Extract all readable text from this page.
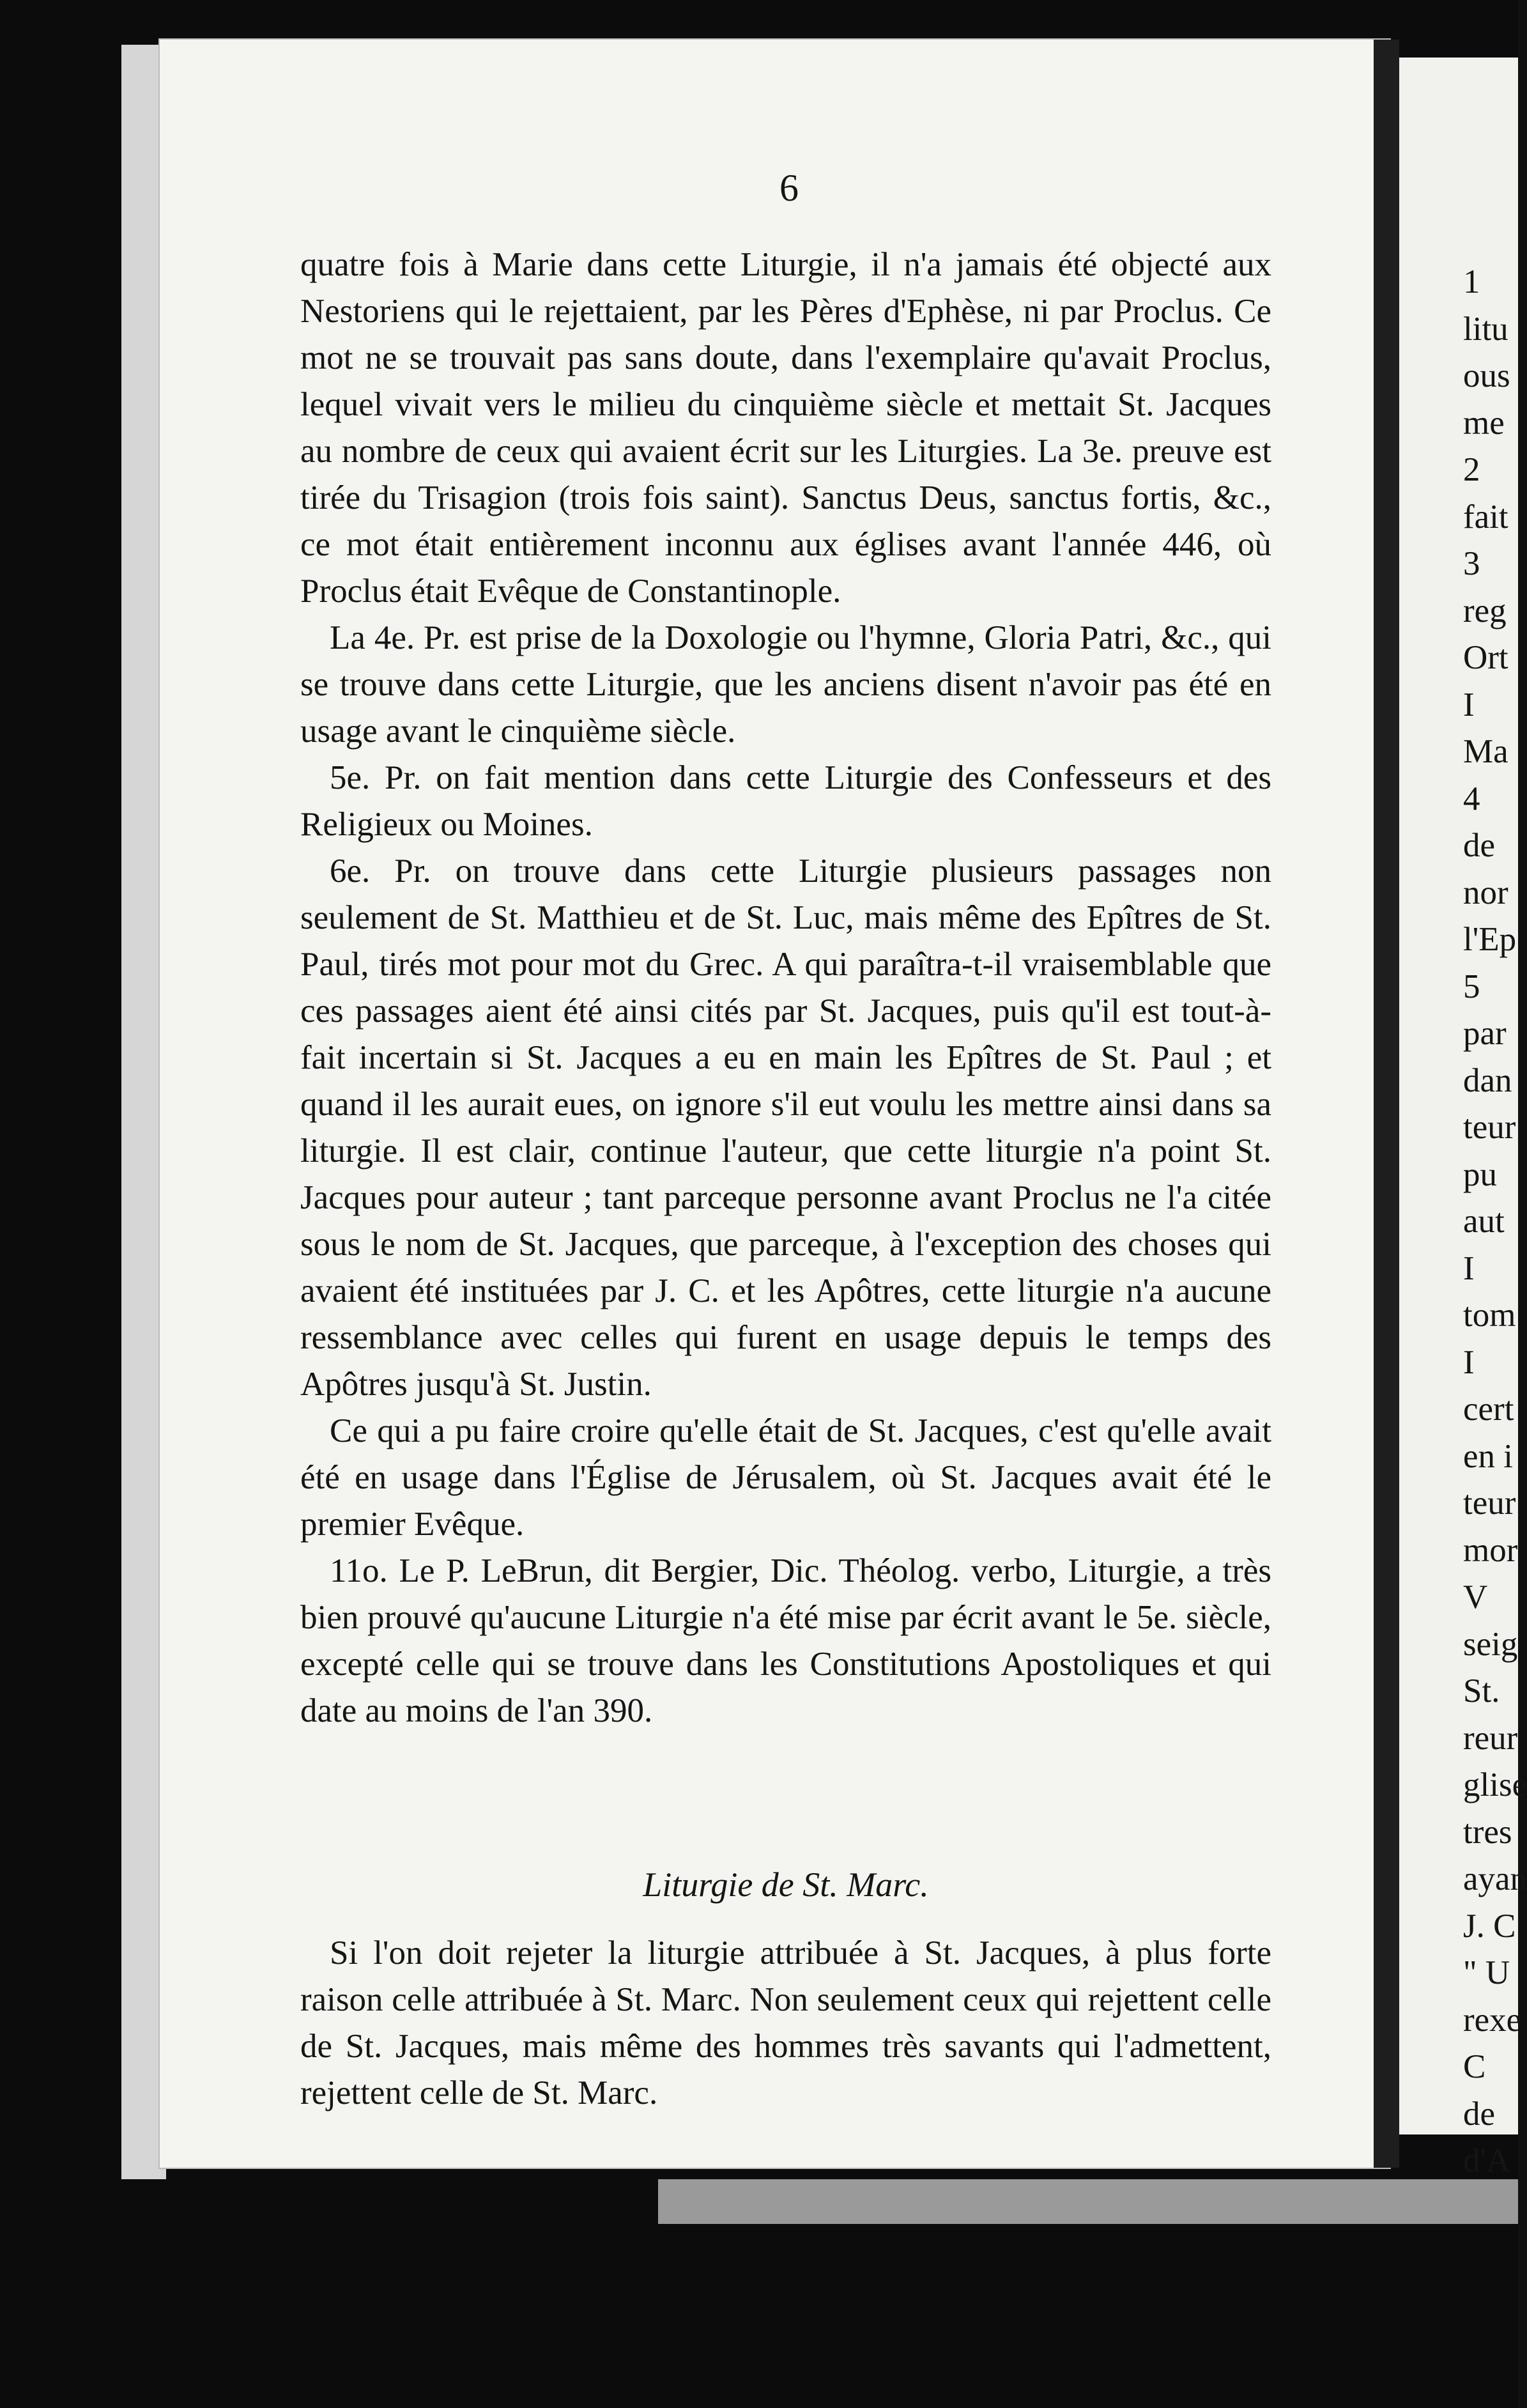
6

quatre fois à Marie dans cette Liturgie, il n'a jamais été objecté aux Nestoriens qui le rejettaient, par les Pères d'Ephèse, ni par Proclus. Ce mot ne se trouvait pas sans doute, dans l'exemplaire qu'avait Proclus, lequel vivait vers le milieu du cinquième siècle et mettait St. Jacques au nombre de ceux qui avaient écrit sur les Liturgies. La 3e. preuve est tirée du Trisagion (trois fois saint). Sanctus Deus, sanctus fortis, &c., ce mot était entièrement inconnu aux églises avant l'année 446, où Proclus était Evêque de Constantinople.

La 4e. Pr. est prise de la Doxologie ou l'hymne, Gloria Patri, &c., qui se trouve dans cette Liturgie, que les anciens disent n'avoir pas été en usage avant le cinquième siècle.

5e. Pr. on fait mention dans cette Liturgie des Confesseurs et des Religieux ou Moines.

6e. Pr. on trouve dans cette Liturgie plusieurs passages non seulement de St. Matthieu et de St. Luc, mais même des Epîtres de St. Paul, tirés mot pour mot du Grec. A qui paraîtra-t-il vraisemblable que ces passages aient été ainsi cités par St. Jacques, puis qu'il est tout-à-fait incertain si St. Jacques a eu en main les Epîtres de St. Paul ; et quand il les aurait eues, on ignore s'il eut voulu les mettre ainsi dans sa liturgie. Il est clair, continue l'auteur, que cette liturgie n'a point St. Jacques pour auteur ; tant parceque personne avant Proclus ne l'a citée sous le nom de St. Jacques, que parceque, à l'exception des choses qui avaient été instituées par J. C. et les Apôtres, cette liturgie n'a aucune ressemblance avec celles qui furent en usage depuis le temps des Apôtres jusqu'à St. Justin.

Ce qui a pu faire croire qu'elle était de St. Jacques, c'est qu'elle avait été en usage dans l'Église de Jérusalem, où St. Jacques avait été le premier Evêque.

11o. Le P. LeBrun, dit Bergier, Dic. Théolog. verbo, Liturgie, a très bien prouvé qu'aucune Liturgie n'a été mise par écrit avant le 5e. siècle, excepté celle qui se trouve dans les Constitutions Apostoliques et qui date au moins de l'an 390.

Liturgie de St. Marc.

Si l'on doit rejeter la liturgie attribuée à St. Jacques, à plus forte raison celle attribuée à St. Marc. Non seulement ceux qui rejettent celle de St. Jacques, mais même des hommes très savants qui l'admettent, rejettent celle de St. Marc.

1
litu
ous
me
2
fait
3
reg
Ort
I
Ma
4
de
nor
l'Ep
5
par
dan
teur
pu
aut
I
tom
I
cert
en i
teur
mor
V
seig
St.
reur
glise
tres
ayan
J. C
" U
rexe
C
de
d'A
